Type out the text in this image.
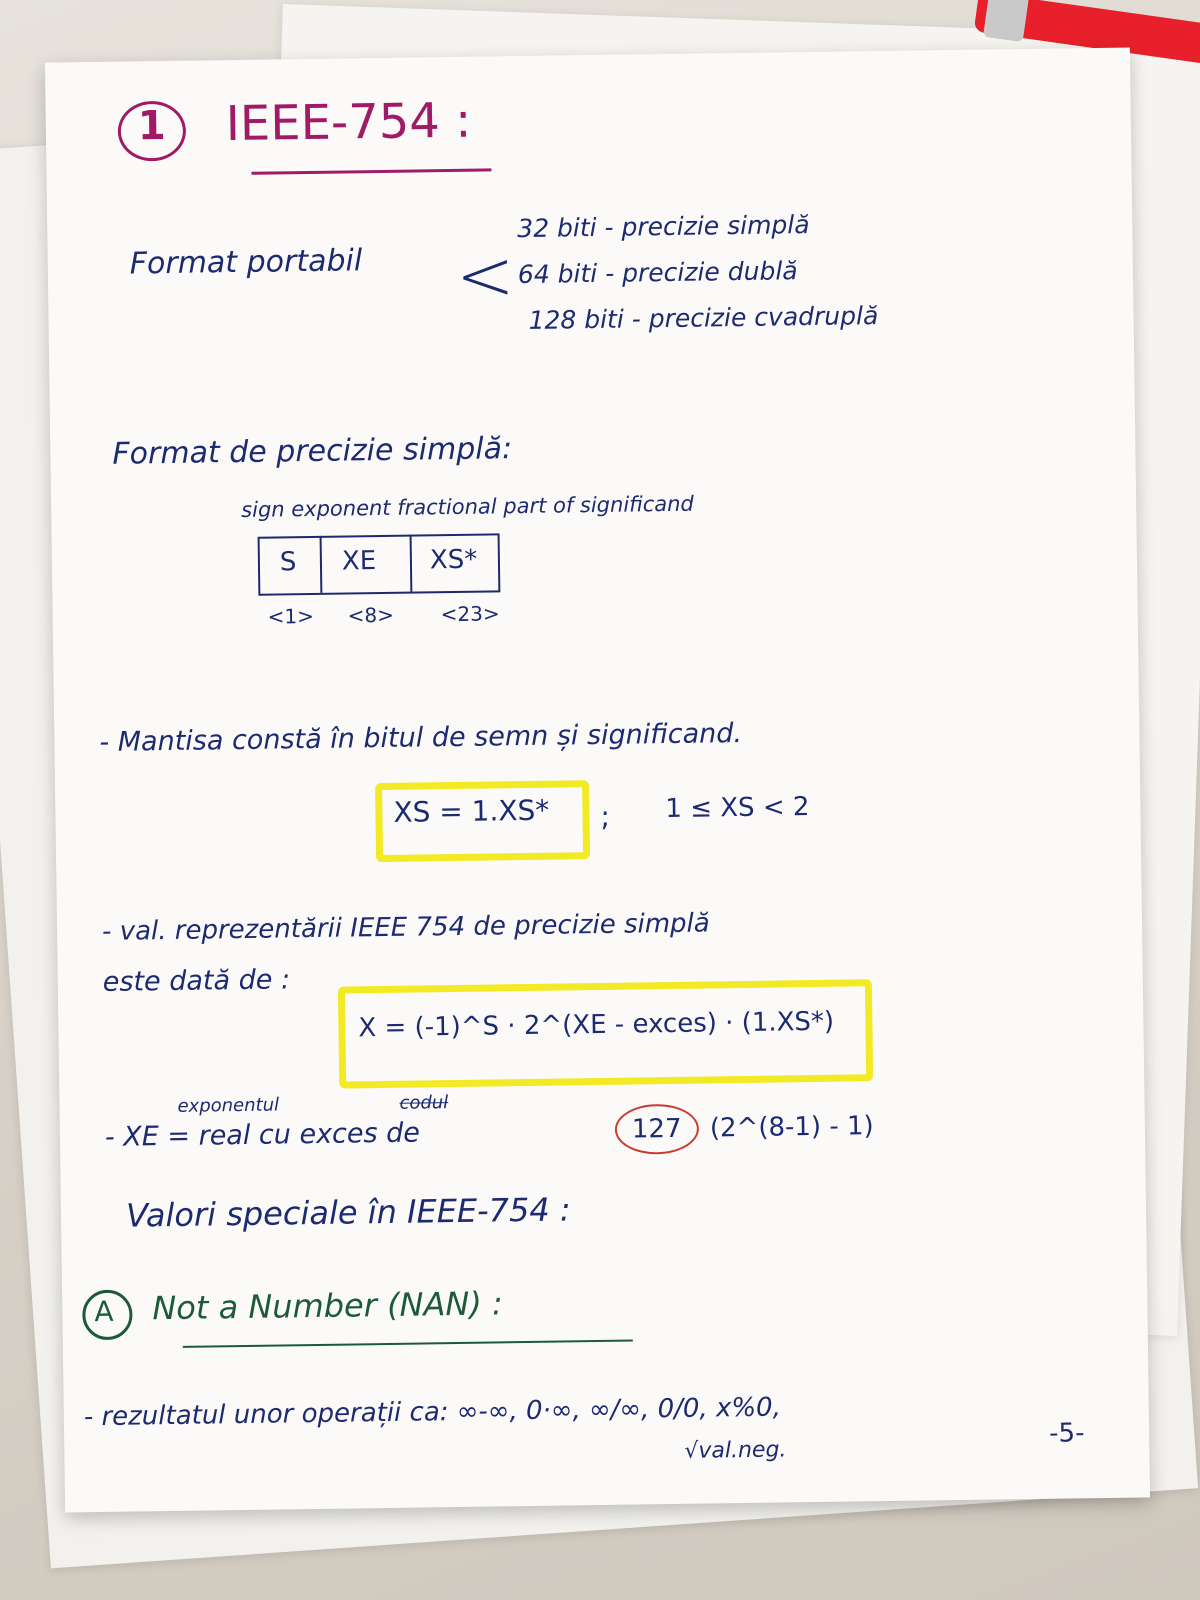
1 IEEE-754 :
Format portabil <
32 biti - precizie simplă
64 biti - precizie dublă
128 biti - precizie cvadruplă
Format de precizie simplă:
sign exponent fractional part of significand
S XE XS*
<1> <8> <23>
- Mantisa constă în bitul de semn și significand.
XS = 1.XS* ; 1 ≤ XS < 2
- val. reprezentării IEEE 754 de precizie simplă
este dată de :
X = (-1)^S · 2^(XE - exces) · (1.XS*)
exponentul	codul
- XE = real cu exces de	127 (2^(8-1) - 1)
Valori speciale în IEEE-754 :
A Not a Number (NAN) :
- rezultatul unor operații ca: ∞-∞, 0·∞, ∞/∞, 0/0, x%0,
√val.neg.
-5-
